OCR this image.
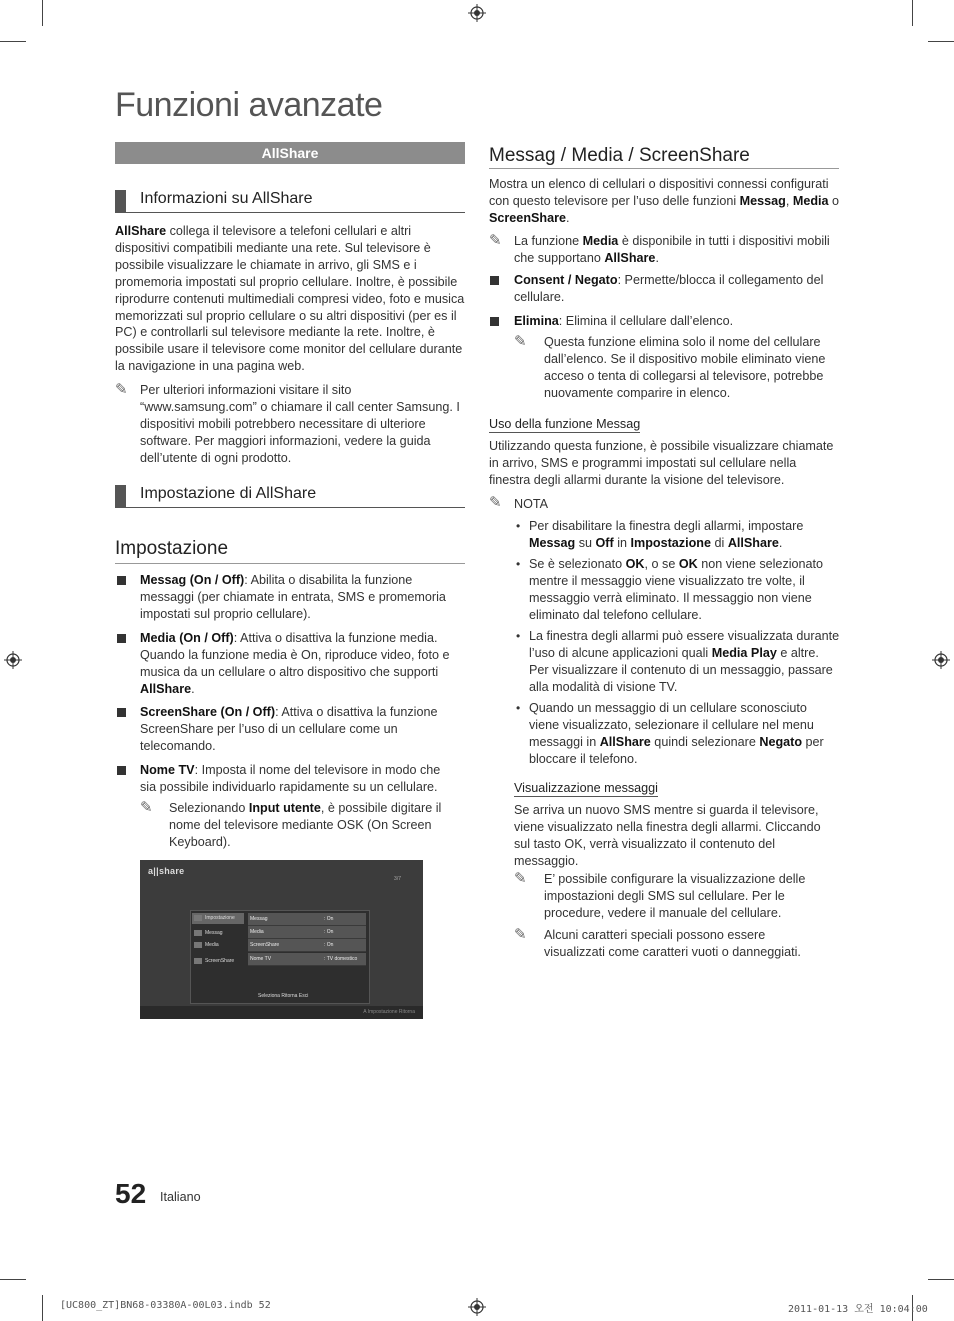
Funzioni avanzate
AllShare
Informazioni su AllShare

AllShare collega il televisore a telefoni cellulari e altri dispositivi compatibili mediante una rete. Sul televisore è possibile visualizzare le chiamate in arrivo, gli SMS e i promemoria impostati sul proprio cellulare. Inoltre, è possibile riprodurre contenuti multimediali compresi video, foto e musica memorizzati sul proprio cellulare o su altri dispositivi (per es il PC) e controllarli sul televisore mediante la rete. Inoltre, è possibile usare il televisore come monitor del cellulare durante la navigazione in una pagina web.

✎ Per ulteriori informazioni visitare il sito “www.samsung.com” o chiamare il call center Samsung. I dispositivi mobili potrebbero necessitare di ulteriore software. Per maggiori informazioni, vedere la guida dell’utente di ogni prodotto.

Impostazione di AllShare
Impostazione

Messag (On / Off): Abilita o disabilita la funzione messaggi (per chiamate in entrata, SMS e promemoria impostati sul proprio cellulare).

Media (On / Off): Attiva o disattiva la funzione media. Quando la funzione media è On, riproduce video, foto e musica da un cellulare o altro dispositivo che supporti AllShare.

ScreenShare (On / Off): Attiva o disattiva la funzione ScreenShare per l’uso di un cellulare come un telecomando.

Nome TV: Imposta il nome del televisore in modo che sia possibile individuarlo rapidamente su un cellulare.

✎ Selezionando Input utente, è possibile digitare il nome del televisore mediante OSK (On Screen Keyboard).

a||share
3/7
Impostazione
Messag
Media
ScreenShare
Messag	: On
Media	: On
ScreenShare	: On
Nome TV	: TV domestico
Seleziona Ritorna Esci
A Impostazione Ritorna
Messag / Media / ScreenShare

Mostra un elenco di cellulari o dispositivi connessi configurati con questo televisore per l’uso delle funzioni Messag, Media o ScreenShare.

✎ La funzione Media è disponibile in tutti i dispositivi mobili che supportano AllShare.

Consent / Negato: Permette/blocca il collegamento del cellulare.

Elimina: Elimina il cellulare dall’elenco.

✎ Questa funzione elimina solo il nome del cellulare dall’elenco. Se il dispositivo mobile eliminato viene acceso o tenta di collegarsi al televisore, potrebbe nuovamente comparire in elenco.

Uso della funzione Messag

Utilizzando questa funzione, è possibile visualizzare chiamate in arrivo, SMS e programmi impostati sul cellulare nella finestra degli allarmi durante la visione del televisore.

✎ NOTA

• Per disabilitare la finestra degli allarmi, impostare Messag su Off in Impostazione di AllShare.

• Se è selezionato OK, o se OK non viene selezionato mentre il messaggio viene visualizzato tre volte, il messaggio verrà eliminato. Il messaggio non viene eliminato dal telefono cellulare.

• La finestra degli allarmi può essere visualizzata durante l’uso di alcune applicazioni quali Media Play e altre. Per visualizzare il contenuto di un messaggio, passare alla modalità di visione TV.

• Quando un messaggio di un cellulare sconosciuto viene visualizzato, selezionare il cellulare nel menu messaggi in AllShare quindi selezionare Negato per bloccare il telefono.

Visualizzazione messaggi

Se arriva un nuovo SMS mentre si guarda il televisore, viene visualizzato nella finestra degli allarmi. Cliccando sul tasto OK, verrà visualizzato il contenuto del messaggio.

✎ E’ possibile configurare la visualizzazione delle impostazioni degli SMS sul cellulare. Per le procedure, vedere il manuale del cellulare.

✎ Alcuni caratteri speciali possono essere visualizzati come caratteri vuoti o danneggiati.

52 Italiano
[UC800_ZT]BN68-03380A-00L03.indb 52	2011-01-13 오전 10:04:00
